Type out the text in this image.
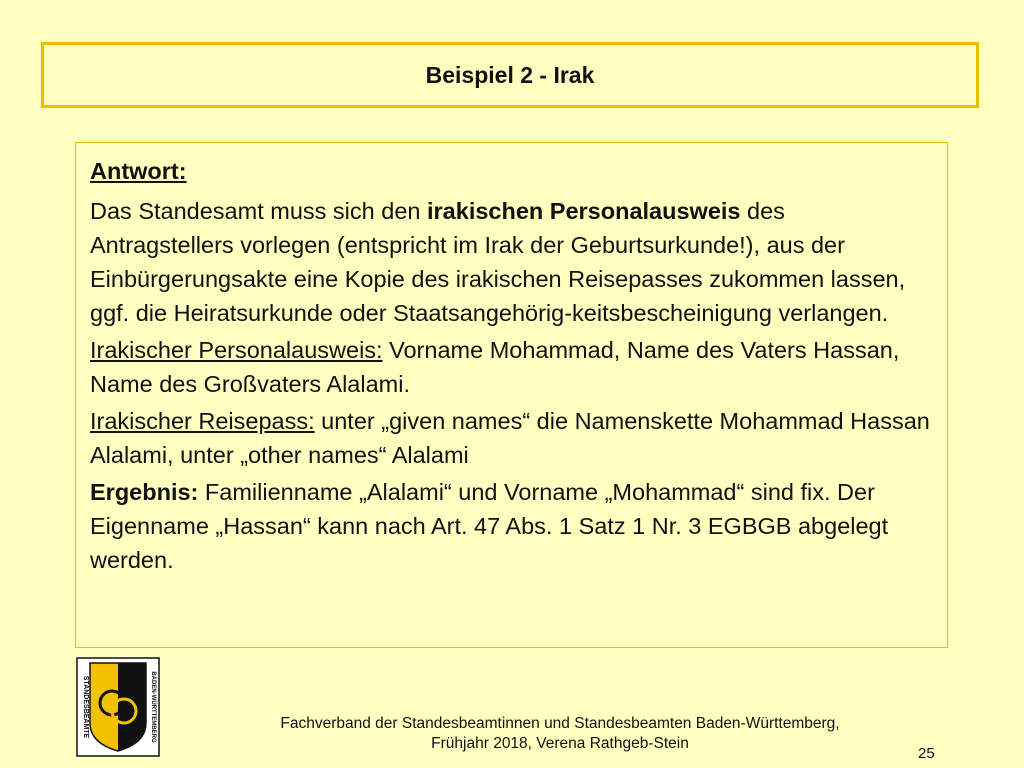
Beispiel 2 - Irak

Antwort:

Das Standesamt muss sich den irakischen Personalausweis des Antragstellers vorlegen (entspricht im Irak der Geburtsurkunde!), aus der Einbürgerungsakte eine Kopie des irakischen Reisepasses zukommen lassen, ggf. die Heiratsurkunde oder Staatsangehörig-keitsbescheinigung verlangen.

Irakischer Personalausweis: Vorname Mohammad, Name des Vaters Hassan, Name des Großvaters Alalami.

Irakischer Reisepass: unter „given names“ die Namenskette Mohammad Hassan Alalami, unter „other names“ Alalami

Ergebnis: Familienname „Alalami“ und Vorname „Mohammad“ sind fix. Der Eigenname „Hassan“ kann nach Art. 47 Abs. 1 Satz 1 Nr. 3 EGBGB abgelegt werden.

STANDESBEAMTE	BADEN-WÜRTTEMBERG	Fachverband der Standesbeamtinnen und Standesbeamten Baden-Württemberg,
Frühjahr 2018, Verena Rathgeb-Stein
25
